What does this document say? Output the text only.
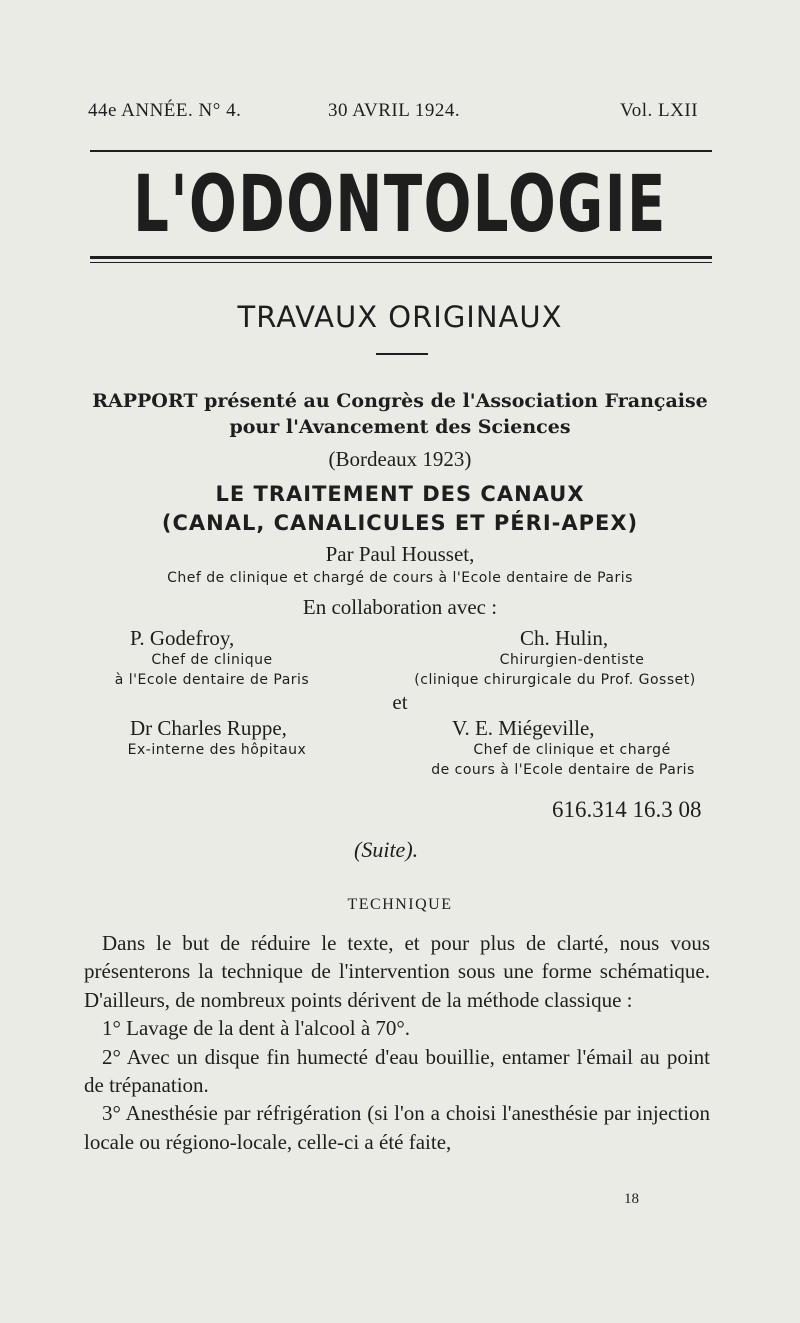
44e ANNÉE. N° 4.	30 AVRIL 1924.	Vol. LXII
L'ODONTOLOGIE
TRAVAUX ORIGINAUX
RAPPORT présenté au Congrès de l'Association Française
pour l'Avancement des Sciences
(Bordeaux 1923)
LE TRAITEMENT DES CANAUX
(CANAL, CANALICULES ET PÉRI-APEX)
Par Paul Housset,
Chef de clinique et chargé de cours à l'Ecole dentaire de Paris
En collaboration avec :
P. Godefroy,
Chef de clinique
à l'Ecole dentaire de Paris
Ch. Hulin,
Chirurgien-dentiste
(clinique chirurgicale du Prof. Gosset)
et
Dr Charles Ruppe,
Ex-interne des hôpitaux
V. E. Miégeville,
Chef de clinique et chargé
de cours à l'Ecole dentaire de Paris
616.314 16.3 08
(Suite).
TECHNIQUE

Dans le but de réduire le texte, et pour plus de clarté, nous vous présenterons la technique de l'intervention sous une forme schématique. D'ailleurs, de nombreux points dérivent de la méthode classique :

1° Lavage de la dent à l'alcool à 70°.

2° Avec un disque fin humecté d'eau bouillie, entamer l'émail au point de trépanation.

3° Anesthésie par réfrigération (si l'on a choisi l'anesthésie par injection locale ou régiono-locale, celle-ci a été faite,

18
